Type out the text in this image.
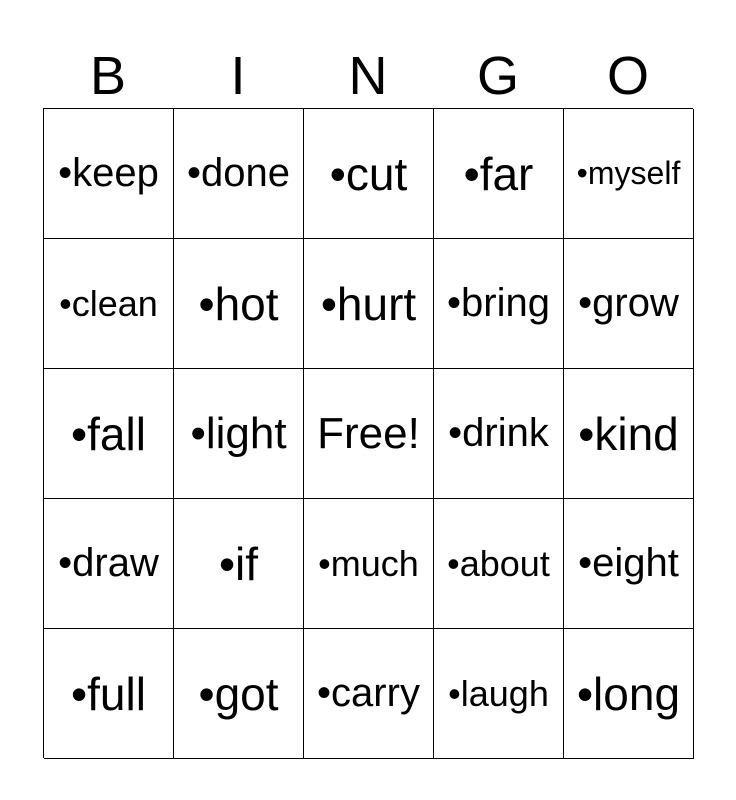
B	I	N	G	O
•keep •done •cut	•far	•myself
•clean •hot •hurt •bring •grow
•fall	•light Free! •drink •kind
•draw	•if	•much •about •eight
•full	•got •carry •laugh •long
